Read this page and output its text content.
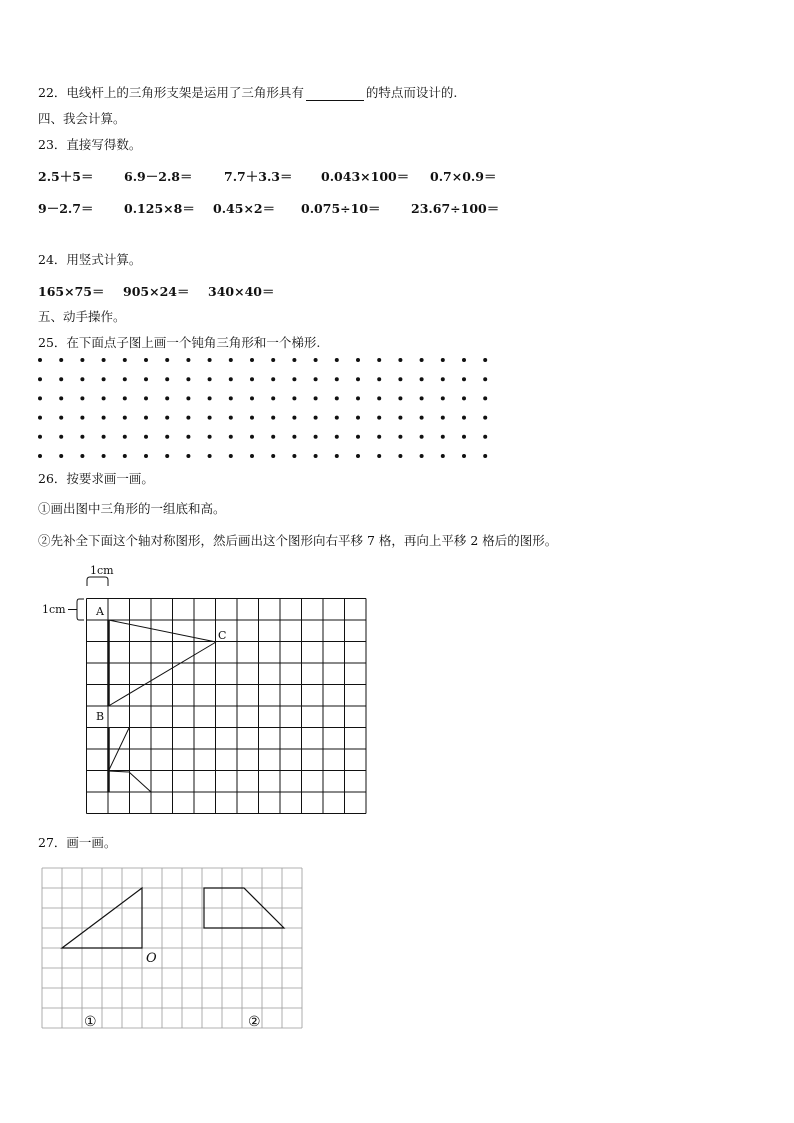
22．电线杆上的三角形支架是运用了三角形具有	的特点而设计的.
四、我会计算。
23．直接写得数。
2.5＋5＝ 6.9－2.8＝	7.7＋3.3＝ 0.043×100＝ 0.7×0.9＝
9－2.7＝ 0.125×8＝ 0.45×2＝ 0.075÷10＝ 23.67÷100＝
24．用竖式计算。
165×75＝ 905×24＝ 340×40＝
五、动手操作。
25．在下面点子图上画一个钝角三角形和一个梯形.
26．按要求画一画。
①画出图中三角形的一组底和高。
②先补全下面这个轴对称图形，然后画出这个图形向右平移 7 格，再向上平移 2 格后的图形。
1cm
1cm	A
B
C
27．画一画。
O
①	②
